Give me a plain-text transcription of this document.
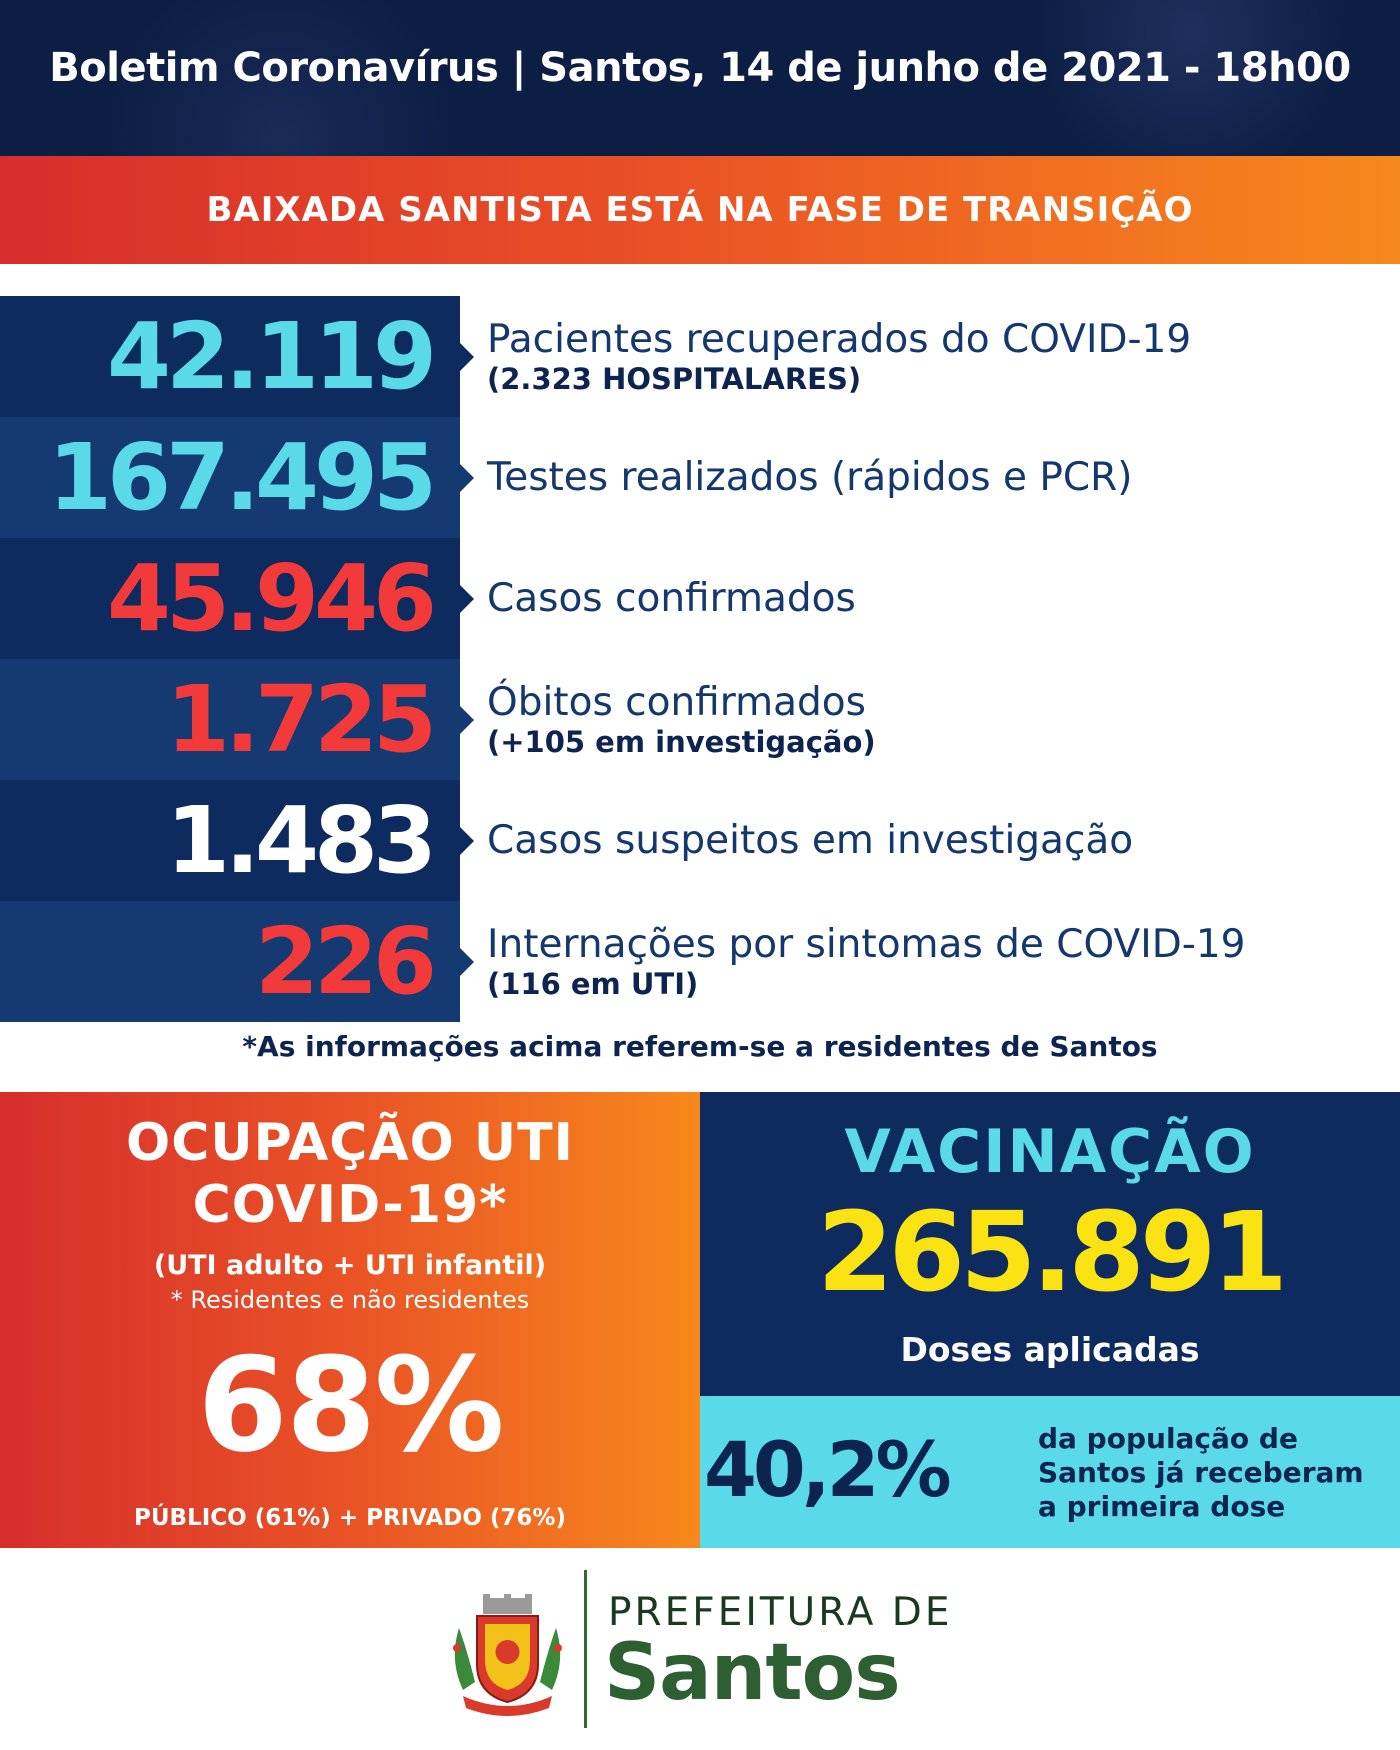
Boletim Coronavírus | Santos, 14 de junho de 2021 - 18h00
BAIXADA SANTISTA ESTÁ NA FASE DE TRANSIÇÃO
42.119	Pacientes recuperados do COVID-19
(2.323 HOSPITALARES)
167.495	Testes realizados (rápidos e PCR)
45.946	Casos confirmados
1.725	Óbitos confirmados
(+105 em investigação)
1.483	Casos suspeitos em investigação
226	Internações por sintomas de COVID-19
(116 em UTI)
*As informações acima referem-se a residentes de Santos
OCUPAÇÃO UTI
COVID-19*
(UTI adulto + UTI infantil)
* Residentes e não residentes
68%
PÚBLICO (61%) + PRIVADO (76%)
VACINAÇÃO
265.891
Doses aplicadas
40,2%	da população de
Santos já receberam
a primeira dose
PREFEITURA DE
Santos
